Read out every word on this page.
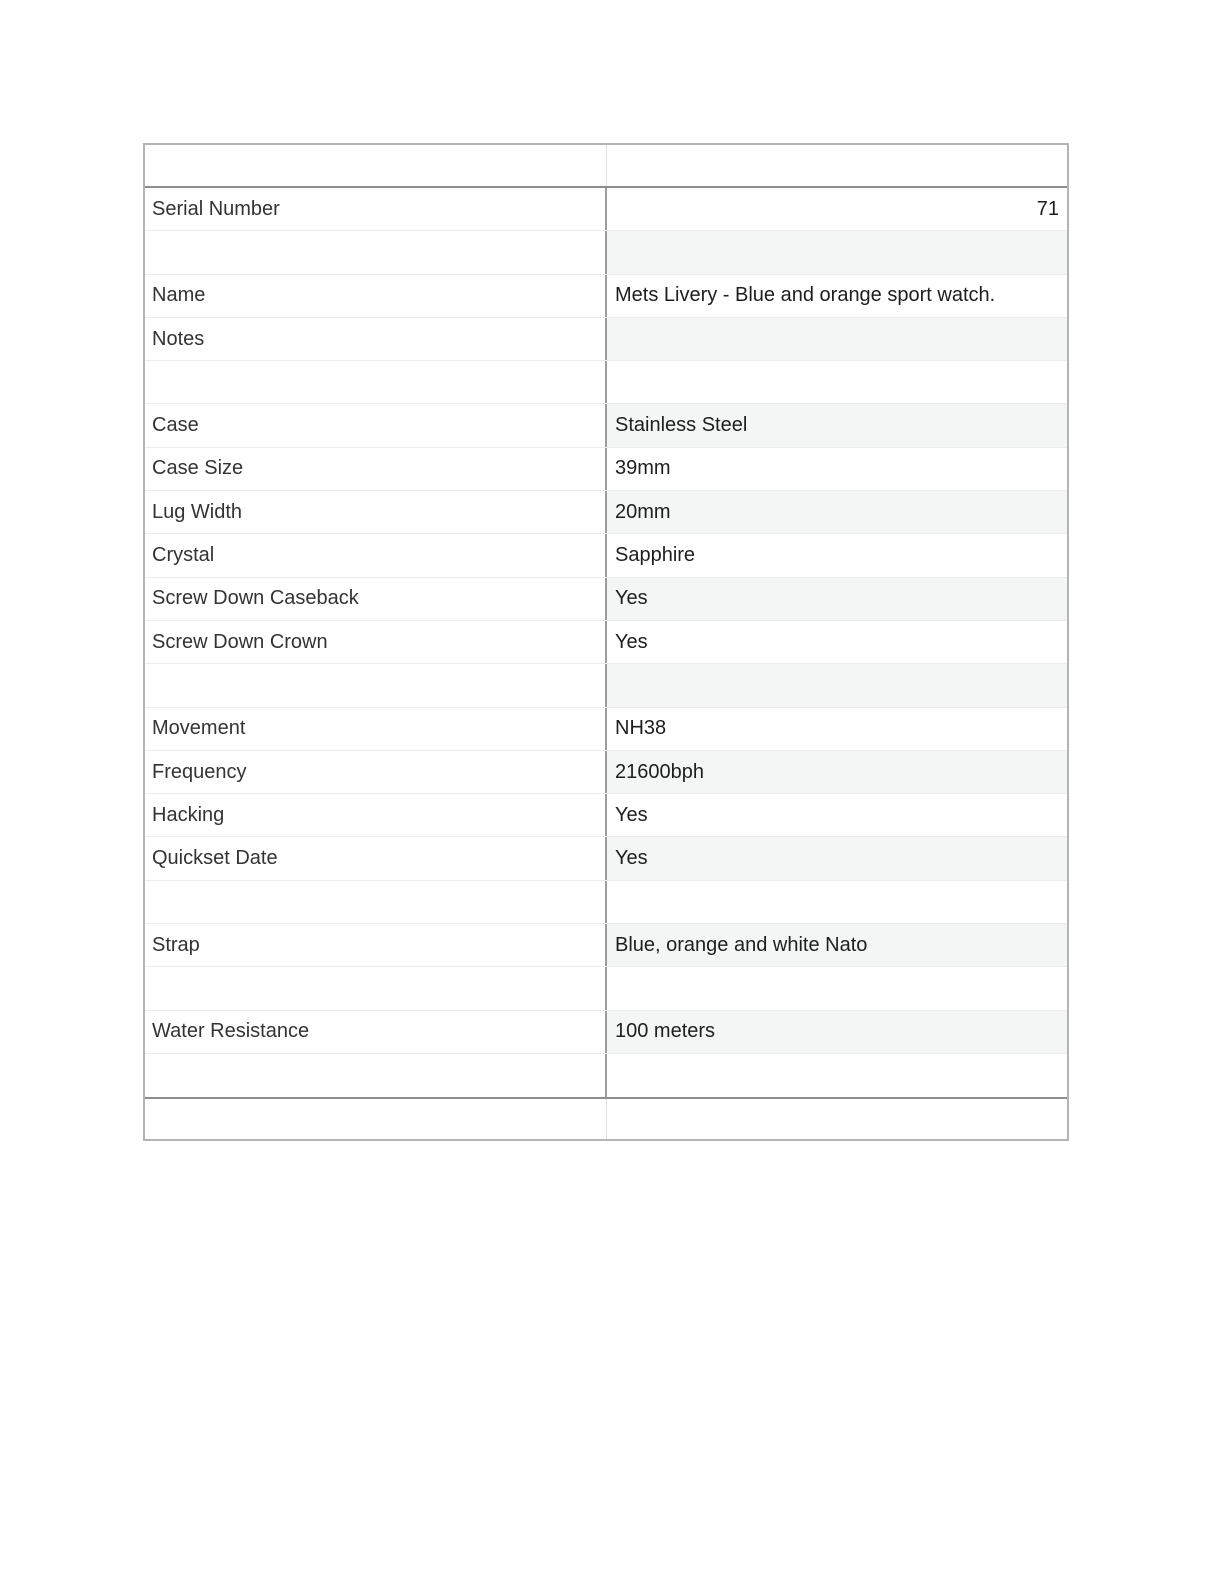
Serial Number	71
Name	Mets Livery - Blue and orange sport watch.
Notes
Case	Stainless Steel
Case Size	39mm
Lug Width	20mm
Crystal	Sapphire
Screw Down Caseback	Yes
Screw Down Crown	Yes
Movement	NH38
Frequency	21600bph
Hacking	Yes
Quickset Date	Yes
Strap	Blue, orange and white Nato
Water Resistance	100 meters
